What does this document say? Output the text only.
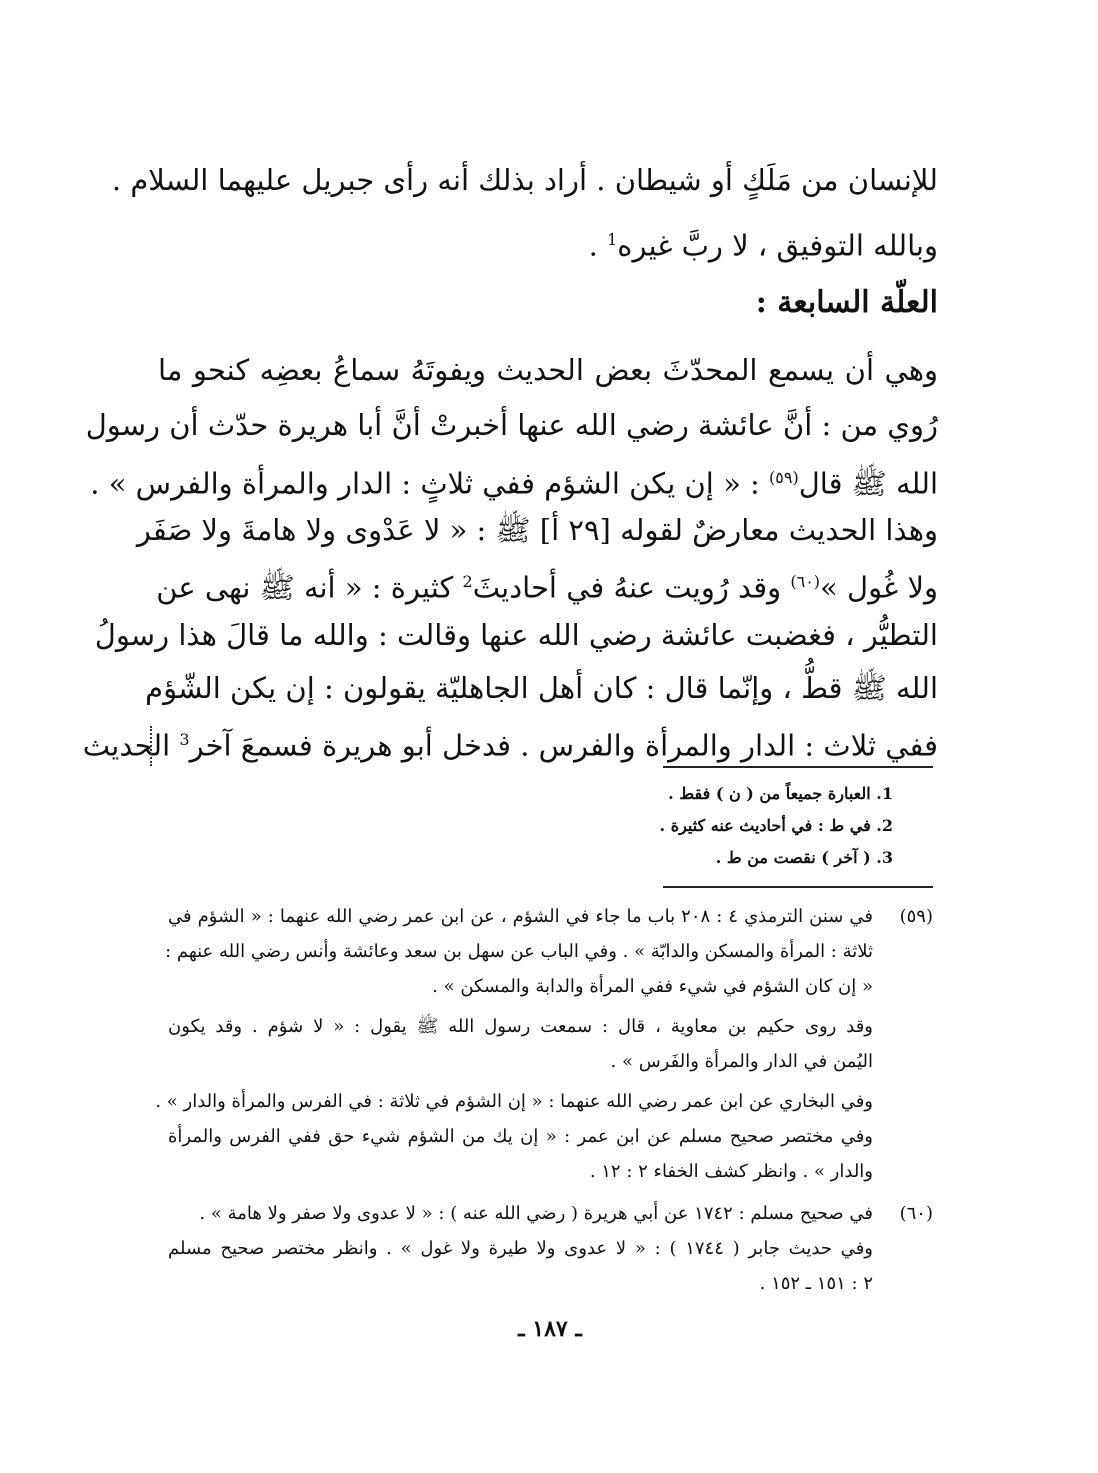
للإنسان من مَلَكٍ أو شيطان . أراد بذلك أنه رأى جبريل عليهما السلام .
وبالله التوفيق ، لا ربَّ غيره$^1$ .
العلّة السابعة :
وهي أن يسمع المحدّثَ بعض الحديث ويفوتَهُ سماعُ بعضِه كنحو ما
رُوي من : أنَّ عائشة رضي الله عنها أخبرتْ أنَّ أبا هريرة حدّث أن رسول
الله ﷺ قال$^{(٥٩)}$ : « إن يكن الشؤم ففي ثلاثٍ : الدار والمرأة والفرس » .
وهذا الحديث معارضٌ لقوله [٢٩ أ] ﷺ : « لا عَدْوى ولا هامةَ ولا صَفَر
ولا غُول »$^{(٦٠)}$ وقد رُويت عنهُ في أحاديثَ$^2$ كثيرة : « أنه ﷺ نهى عن
التطيُّر ، فغضبت عائشة رضي الله عنها وقالت : والله ما قالَ هذا رسولُ
الله ﷺ قطُّ ، وإنّما قال : كان أهل الجاهليّة يقولون : إن يكن الشّؤم
ففي ثلاث : الدار والمرأة والفرس . فدخل أبو هريرة فسمعَ آخر$^3$ الحديث
1. العبارة جميعاً من ( ن ) فقط .
2. في ط : في أحاديث عنه كثيرة .
3. ( آخر ) نقصت من ط .
(٥٩)
في سنن الترمذي ٤ : ٢٠٨ باب ما جاء في الشؤم ، عن ابن عمر رضي الله عنهما : « الشؤم في
ثلاثة : المرأة والمسكن والدابّة » . وفي الباب عن سهل بن سعد وعائشة وأنس رضي الله عنهم :
« إن كان الشؤم في شيء ففي المرأة والدابة والمسكن » .
وقد روى حكيم بن معاوية ، قال : سمعت رسول الله ﷺ يقول : « لا شؤم . وقد يكون
اليُمن في الدار والمرأة والفَرس » .
وفي البخاري عن ابن عمر رضي الله عنهما : « إن الشؤم في ثلاثة : في الفرس والمرأة والدار » .
وفي مختصر صحيح مسلم عن ابن عمر : « إن يك من الشؤم شيء حق ففي الفرس والمرأة
والدار » . وانظر كشف الخفاء ٢ : ١٢ .
(٦٠)
في صحيح مسلم : ١٧٤٢ عن أبي هريرة ( رضي الله عنه ) : « لا عدوى ولا صفر ولا هامة » .
وفي حديث جابر ( ١٧٤٤ ) : « لا عدوى ولا طيرة ولا غول » . وانظر مختصر صحيح مسلم
٢ : ١٥١ ـ ١٥٢ .
ـ ١٨٧ ـ
